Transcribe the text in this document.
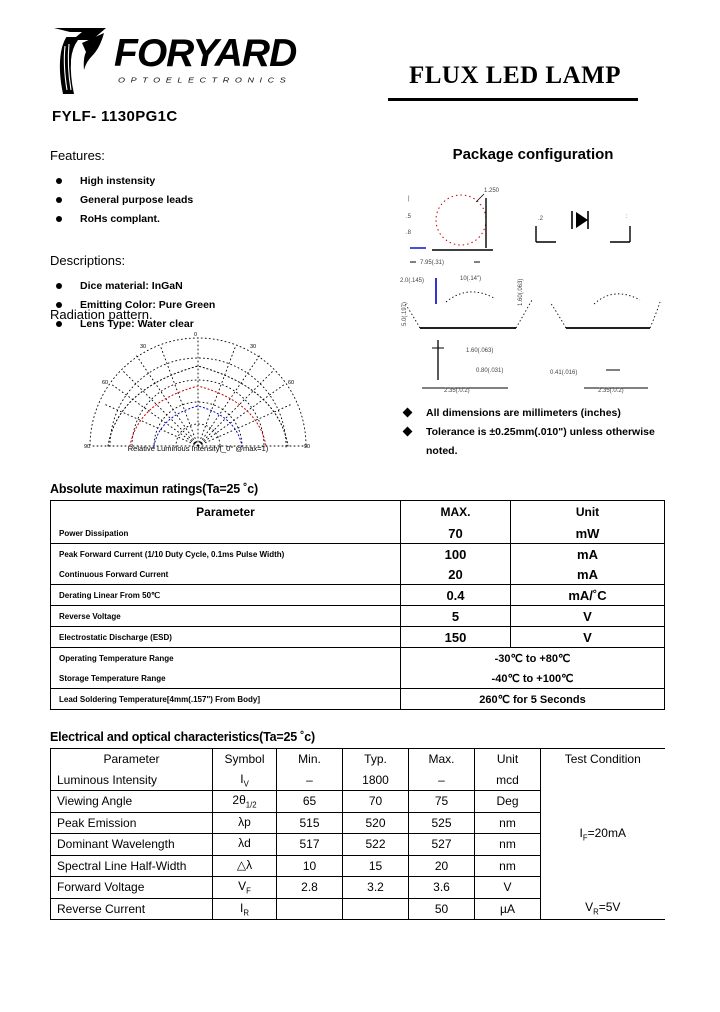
FORYARD
OPTOELECTRONICS	FLUX LED LAMP
FYLF- 1130PG1C
Features:
High instensity
General purpose leads
RoHs complant.
Descriptions:
Dice material: InGaN
Emitting Color: Pure Green
Lens Type: Water clear
Radiation pattern.
0
30	30
60	60
90	90
Relative Luminous Intensity(_0° @max=1)
Package configuration
1.250
|
.5
.8
.2	:
7.95(.31)
2.35(.0.2)
2.0(.145)
5.0(.197)
10(.14")	1.60(.063)
1.60(.063)
0.80(.031)	0.41(.016)
2.35(.0.2)
All dimensions are millimeters (inches)
Tolerance is ±0.25mm(.010") unless otherwise noted.
Absolute maximun ratings(Ta=25 ˚c)
Parameter	MAX.	Unit
Power Dissipation	70	mW
Peak Forward Current (1/10 Duty Cycle, 0.1ms Pulse Width)	100	mA
Continuous Forward Current	20	mA
Derating Linear From 50℃	0.4	mA/˚C
Reverse Voltage	5	V
Electrostatic Discharge (ESD)	150	V
Operating Temperature Range	-30℃ to +80℃	
Storage Temperature Range	-40℃ to +100℃	
Lead Soldering Temperature[4mm(.157") From Body]	260℃ for 5 Seconds	
Electrical and optical characteristics(Ta=25 ˚c)
Parameter	Symbol	Min.	Typ.	Max.	Unit	Test Condition
Luminous Intensity	$I_V$	–	1800	–	mcd	$I_F=20mA$
Viewing Angle	$2\theta_{1/2}$	65	70	75	Deg	
Peak Emission	λp	515	520	525	nm	
Dominant Wavelength	λd	517	522	527	nm	
Spectral Line Half-Width	△λ	10	15	20	nm	
Forward Voltage	$V_F$	2.8	3.2	3.6	V	
Reverse Current	$I_R$			50	µA	$V_R=5V$
